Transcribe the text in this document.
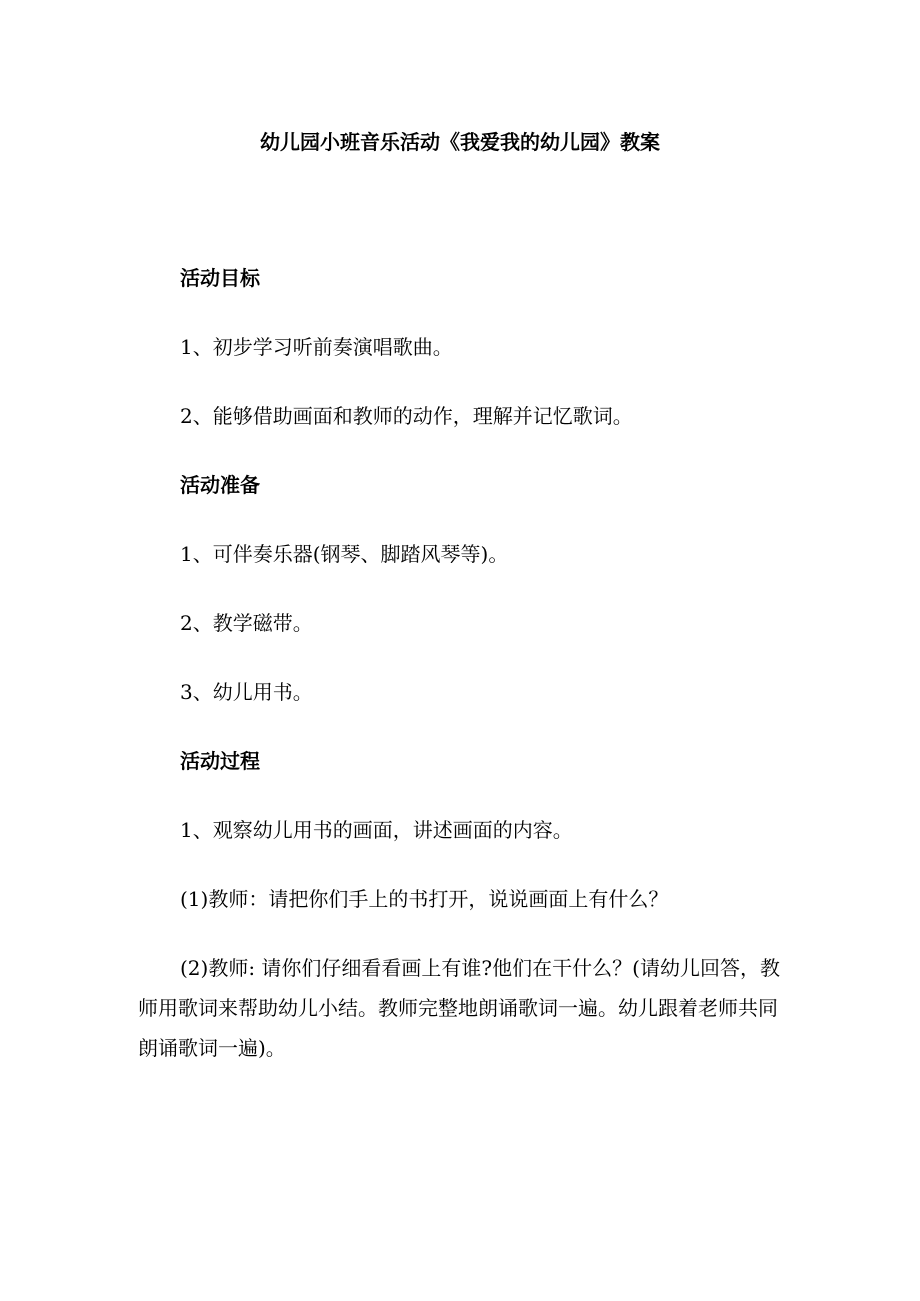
幼儿园小班音乐活动《我爱我的幼儿园》教案
活动目标
1、初步学习听前奏演唱歌曲。
2、能够借助画面和教师的动作，理解并记忆歌词。
活动准备
1、可伴奏乐器(钢琴、脚踏风琴等)。
2、教学磁带。
3、幼儿用书。
活动过程
1、观察幼儿用书的画面，讲述画面的内容。
(1)教师：请把你们手上的书打开，说说画面上有什么？
(2)教师: 请你们仔细看看画上有谁?他们在干什么？(请幼儿回答，教师用歌词来帮助幼儿小结。教师完整地朗诵歌词一遍。幼儿跟着老师共同朗诵歌词一遍)。
